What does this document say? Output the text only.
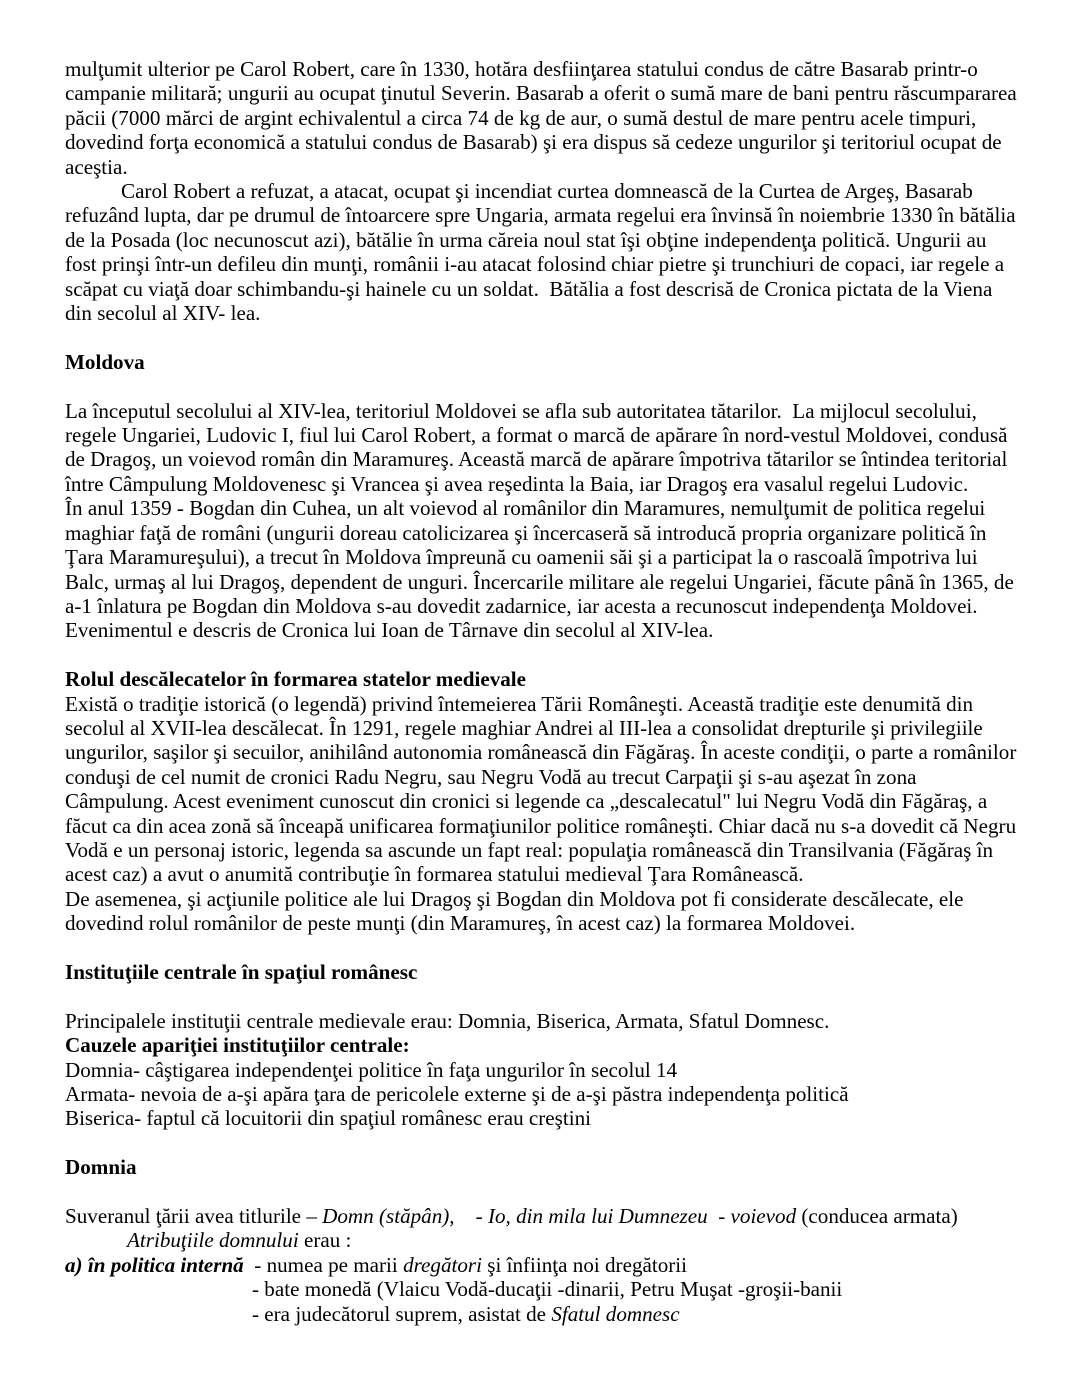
mulţumit ulterior pe Carol Robert, care în 1330, hotăra desfiinţarea statului condus de către Basarab printr-o campanie militară; ungurii au ocupat ţinutul Severin. Basarab a oferit o sumă mare de bani pentru răscumpararea păcii (7000 mărci de argint echivalentul a circa 74 de kg de aur, o sumă destul de mare pentru acele timpuri, dovedind forţa economică a statului condus de Basarab) şi era dispus să cedeze ungurilor şi teritoriul ocupat de aceştia.
Carol Robert a refuzat, a atacat, ocupat şi incendiat curtea domnească de la Curtea de Argeş, Basarab refuzând lupta, dar pe drumul de întoarcere spre Ungaria, armata regelui era învinsă în noiembrie 1330 în bătălia de la Posada (loc necunoscut azi), bătălie în urma căreia noul stat îşi obţine independenţa politică. Ungurii au fost prinşi într-un defileu din munţi, românii i-au atacat folosind chiar pietre şi trunchiuri de copaci, iar regele a scăpat cu viaţă doar schimbandu-şi hainele cu un soldat.  Bătălia a fost descrisă de Cronica pictata de la Viena din secolul al XIV- lea.
Moldova
La începutul secolului al XIV-lea, teritoriul Moldovei se afla sub autoritatea tătarilor.  La mijlocul secolului, regele Ungariei, Ludovic I, fiul lui Carol Robert, a format o marcă de apărare în nord-vestul Moldovei, condusă de Dragoş, un voievod român din Maramureş. Această marcă de apărare împotriva tătarilor se întindea teritorial între Câmpulung Moldovenesc şi Vrancea şi avea reşedinta la Baia, iar Dragoş era vasalul regelui Ludovic.
În anul 1359 - Bogdan din Cuhea, un alt voievod al românilor din Maramures, nemulţumit de politica regelui maghiar faţă de români (ungurii doreau catolicizarea şi încercaseră să introducă propria organizare politică în Ţara Maramureşului), a trecut în Moldova împreună cu oamenii săi şi a participat la o rascoală împotriva lui Balc, urmaş al lui Dragoş, dependent de unguri. Încercarile militare ale regelui Ungariei, făcute până în 1365, de a-1 înlatura pe Bogdan din Moldova s-au dovedit zadarnice, iar acesta a recunoscut independenţa Moldovei. Evenimentul e descris de Cronica lui Ioan de Târnave din secolul al XIV-lea.
Rolul descălecatelor în formarea statelor medievale
Există o tradiţie istorică (o legendă) privind întemeierea Tării Româneşti. Această tradiţie este denumită din secolul al XVII-lea descălecat. În 1291, regele maghiar Andrei al III-lea a consolidat drepturile şi privilegiile ungurilor, saşilor şi secuilor, anihilând autonomia românească din Făgăraş. În aceste condiţii, o parte a românilor conduşi de cel numit de cronici Radu Negru, sau Negru Vodă au trecut Carpaţii şi s-au aşezat în zona Câmpulung. Acest eveniment cunoscut din cronici si legende ca „descalecatul" lui Negru Vodă din Făgăraş, a făcut ca din acea zonă să înceapă unificarea formaţiunilor politice româneşti. Chiar dacă nu s-a dovedit că Negru Vodă e un personaj istoric, legenda sa ascunde un fapt real: populaţia românească din Transilvania (Făgăraş în acest caz) a avut o anumită contribuţie în formarea statului medieval Ţara Românească.
De asemenea, şi acţiunile politice ale lui Dragoş şi Bogdan din Moldova pot fi considerate descălecate, ele dovedind rolul românilor de peste munţi (din Maramureş, în acest caz) la formarea Moldovei.
Instituţiile centrale în spaţiul românesc
Principalele instituţii centrale medievale erau: Domnia, Biserica, Armata, Sfatul Domnesc.
Cauzele apariţiei instituţiilor centrale:
Domnia- câştigarea independenţei politice în faţa ungurilor în secolul 14
Armata- nevoia de a-şi apăra ţara de pericolele externe şi de a-şi păstra independenţa politică
Biserica- faptul că locuitorii din spaţiul românesc erau creştini
Domnia
Suveranul ţării avea titlurile – Domn (stăpân),    - Io, din mila lui Dumnezeu  - voievod (conducea armata)
Atribuţiile domnului erau :
a) în politica internă  - numea pe marii dregători şi înfiinţa noi dregătorii
- bate monedă (Vlaicu Vodă-ducaţii -dinarii, Petru Muşat -groşii-banii
- era judecătorul suprem, asistat de Sfatul domnesc
